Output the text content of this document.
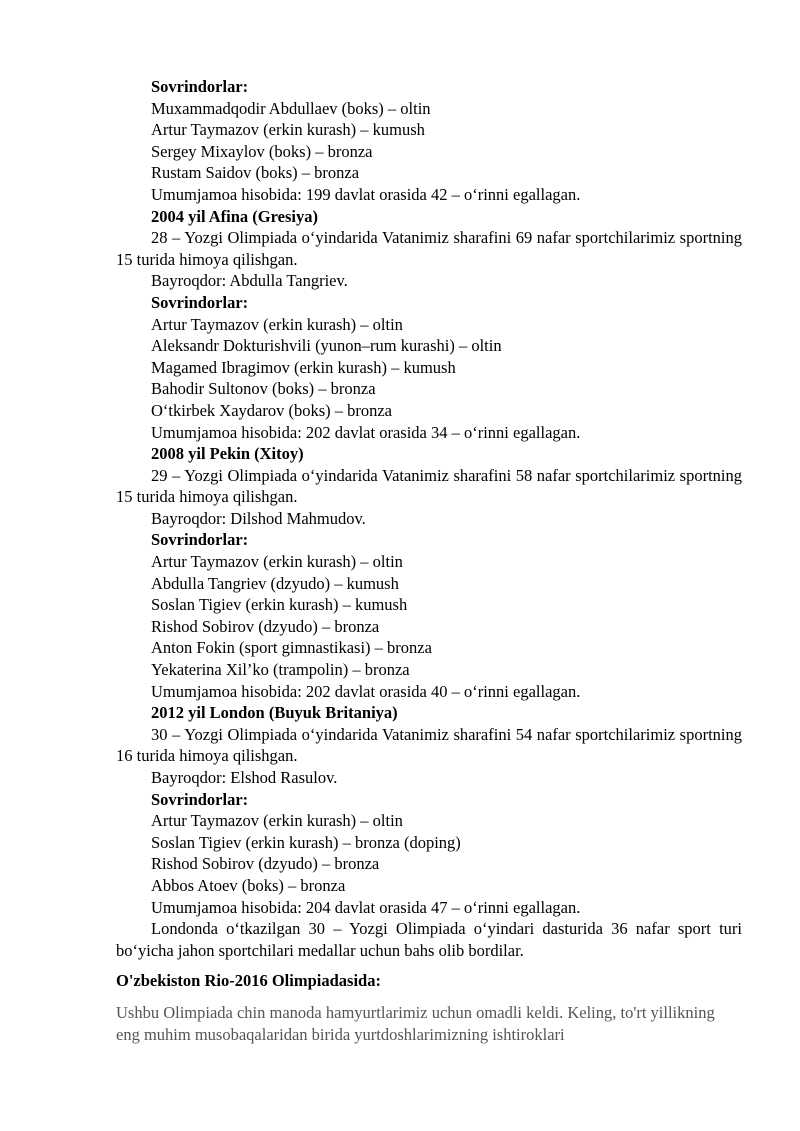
Sovrindorlar:

Muxammadqodir Abdullaev (boks) – oltin

Artur Taymazov (erkin kurash) – kumush

Sergey Mixaylov (boks) – bronza

Rustam Saidov (boks) – bronza

Umumjamoa hisobida: 199 davlat orasida 42 – o‘rinni egallagan.

2004 yil Afina (Gresiya)

28 – Yozgi Olimpiada o‘yindarida Vatanimiz sharafini 69 nafar sportchilarimiz sportning 15 turida himoya qilishgan.

Bayroqdor: Abdulla Tangriev.

Sovrindorlar:

Artur Taymazov (erkin kurash) – oltin

Aleksandr Dokturishvili (yunon–rum kurashi) – oltin

Magamed Ibragimov (erkin kurash) – kumush

Bahodir Sultonov (boks) – bronza

O‘tkirbek Xaydarov (boks) – bronza

Umumjamoa hisobida: 202 davlat orasida 34 – o‘rinni egallagan.

2008 yil Pekin (Xitoy)

29 – Yozgi Olimpiada o‘yindarida Vatanimiz sharafini 58 nafar sportchilarimiz sportning 15 turida himoya qilishgan.

Bayroqdor: Dilshod Mahmudov.

Sovrindorlar:

Artur Taymazov (erkin kurash) – oltin

Abdulla Tangriev (dzyudo) – kumush

Soslan Tigiev (erkin kurash) – kumush

Rishod Sobirov (dzyudo) – bronza

Anton Fokin (sport gimnastikasi) – bronza

Yekaterina Xil’ko (trampolin) – bronza

Umumjamoa hisobida: 202 davlat orasida 40 – o‘rinni egallagan.

2012 yil London (Buyuk Britaniya)

30 – Yozgi Olimpiada o‘yindarida Vatanimiz sharafini 54 nafar sportchilarimiz sportning 16 turida himoya qilishgan.

Bayroqdor: Elshod Rasulov.

Sovrindorlar:

Artur Taymazov (erkin kurash) – oltin

Soslan Tigiev (erkin kurash) – bronza (doping)

Rishod Sobirov (dzyudo) – bronza

Abbos Atoev (boks) – bronza

Umumjamoa hisobida: 204 davlat orasida 47 – o‘rinni egallagan.

Londonda o‘tkazilgan 30 – Yozgi Olimpiada o‘yindari dasturida 36 nafar sport turi bo‘yicha jahon sportchilari medallar uchun bahs olib bordilar.

O'zbekiston Rio-2016 Olimpiadasida:

Ushbu Olimpiada chin manoda hamyurtlarimiz uchun omadli keldi. Keling, to'rt yillikning eng muhim musobaqalaridan birida yurtdoshlarimizning ishtiroklari
